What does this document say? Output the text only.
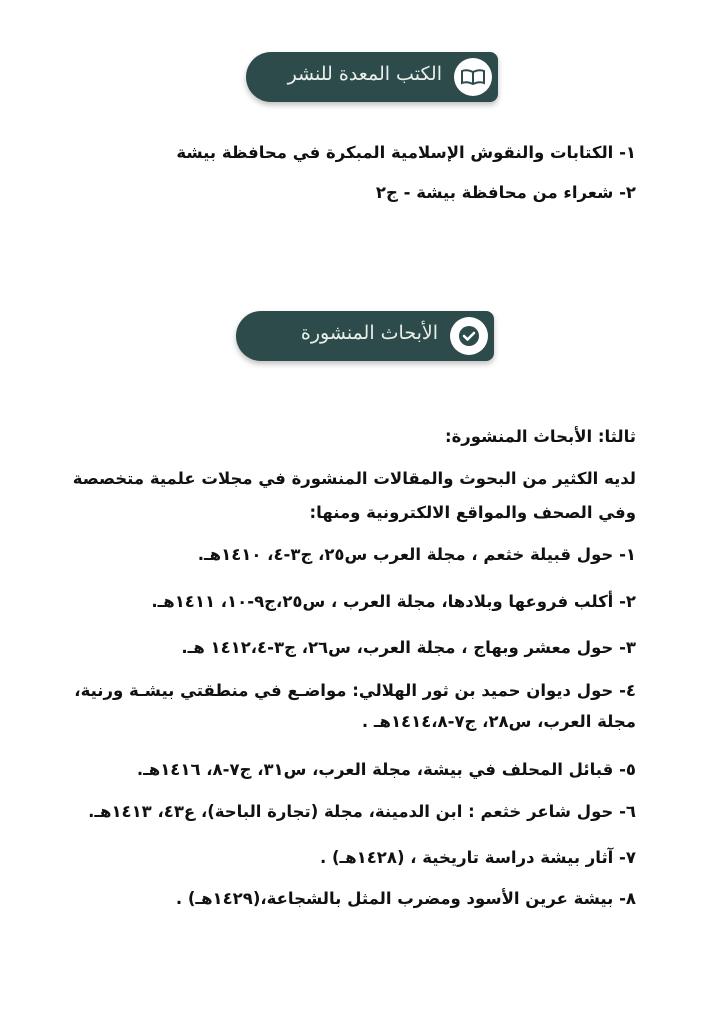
الكتب المعدة للنشر
١- الكتابات والنقوش الإسلامية المبكرة في محافظة بيشة
٢- شعراء من محافظة بيشة - ج٢
الأبحاث المنشورة
ثالثا: الأبحاث المنشورة:
لديه الكثير من البحوث والمقالات المنشورة في مجلات علمية متخصصة
وفي الصحف والمواقع الالكترونية ومنها:
١- حول قبيلة خثعم ، مجلة العرب س٢٥، ج٣-٤، ١٤١٠هـ.
٢- أكلب فروعها وبلادها، مجلة العرب ، س٢٥،ج٩-١٠، ١٤١١هـ.
٣- حول معشر وبهاج ، مجلة العرب، س٢٦، ج٣-١٤١٢،٤ هـ.
٤- حول ديوان حميد بن ثور الهلالي: مواضـع في منطقتي بيشـة ورنية،
مجلة العرب، س٢٨، ج٧-١٤١٤،٨هـ .
٥- قبائل المحلف في بيشة، مجلة العرب، س٣١، ج٧-٨، ١٤١٦هـ.
٦- حول شاعر خثعم : ابن الدمينة، مجلة (تجارة الباحة)، ع٤٣، ١٤١٣هـ.
٧- آثار بيشة دراسة تاريخية ، (١٤٢٨هـ) .
٨- بيشة عرين الأسود ومضرب المثل بالشجاعة،(١٤٢٩هـ) .
